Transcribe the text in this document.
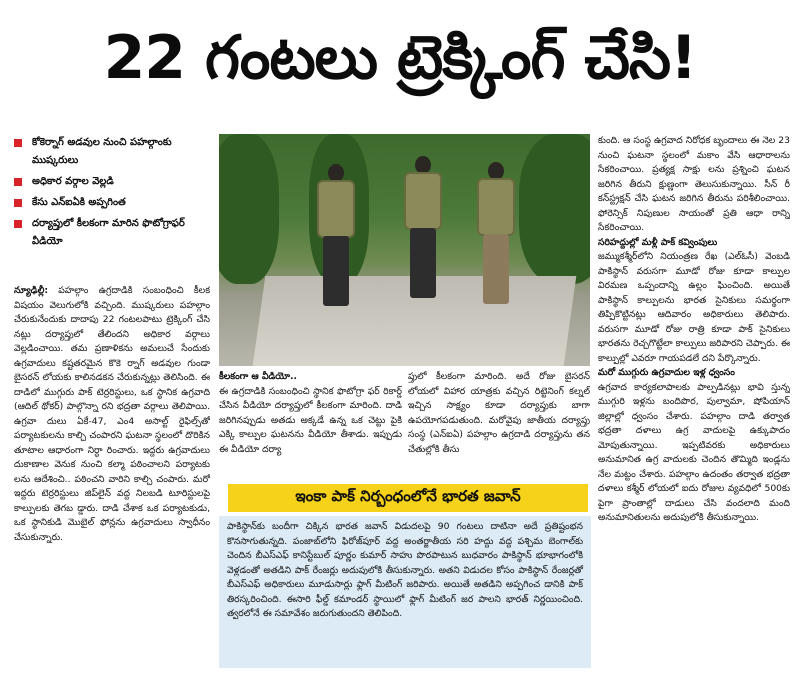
22 గంటలు ట్రెక్కింగ్ చేసి!
కోకెర్నాగ్ అడవుల నుంచి పహల్గాంకు ముష్కరులు
అధికార వర్గాల వెల్లడి
కేసు ఎన్ఐఏకి అప్పగింత
దర్యాప్తులో కీలకంగా మారిన ఫొటోగ్రాఫర్ వీడియో
న్యూఢిల్లీ: పహల్గాం ఉగ్రదాడికి సంబంధించి కీలక విషయం వెలుగులోకి వచ్చింది. ముష్కరులు పహల్గాం చేరుకునేందుకు దాదాపు 22 గంటలపాటు ట్రెక్కింగ్ చేసి నట్లు దర్యాప్తులో తేలిందని అధికార వర్గాలు వెల్లడించాయి. తమ ప్రణాళికను అమలుచే సేందుకు ఉగ్రవాదులు కష్టతరమైన కొకె ర్నాగ్ అడవుల గుండా బైసరన్ లోయకు కాలినడకన చేరుకున్నట్లు తెలిసింది. ఈ దాడిలో ముగ్గురు పాక్ టెర్రరిస్టులు, ఒక స్థానిక ఉగ్రవాది (ఆదిల్ థోకర్) పాల్గొన్నా రని భద్రతా వర్గాలు తెలిపాయి. ఉగ్రవా దులు ఏకే-47, ఎం4 అసాల్ట్ రైఫిల్స్‌తో పర్యాటకులను కాల్చి చంపారని ఘటనా స్థలంలో దొరికిన తూటాల ఆధారంగా నిర్ధా రించారు. ఇద్దరు ఉగ్రవాదులు దుకాణాల వెనుక నుంచి కల్మా పఠించాలని పర్యాటకు లను ఆదేశించి.. పఠించని వారిని కాల్చి చంపారు. మరో ఇద్దరు టెర్రరిస్టులు జిప్‌లైన్ వద్ద నిలబడి టూరిస్టులపై కాల్పులకు తెగబ డ్డారు. దాడి చేశాక ఒక పర్యాటకుడు, ఒక స్థానికుడి మొబైల్ ఫోన్లను ఉగ్రవాదులు స్వాధీనం చేసుకున్నారు.
కీలకంగా ఆ వీడియో..
ఈ ఉగ్రదాడికి సంబంధించి స్థానిక ఫొటోగ్రా ఫర్ రికార్డ్ చేసిన వీడియో దర్యాప్తులో కీలకంగా మారింది. దాడి జరిగినప్పుడు అతడు అక్కడే ఉన్న ఒక చెట్టు పైకి ఎక్కి కాల్పుల ఘటనను వీడియో తీశాడు. ఇప్పుడు ఈ వీడియో దర్యా
ప్తులో కీలకంగా మారింది. అదే రోజు బైసరన్ లోయలో విహార యాత్రకు వచ్చిన రిట్టెనింగ్ కల్నల్ ఇచ్చిన సాక్ష్యం కూడా దర్యాప్తుకు బాగా ఉపయోగపడుతుంది. మరోవైపు జాతీయ దర్యాప్తు సంస్థ (ఎన్ఐఏ) పహల్గాం ఉగ్రదాడి దర్యాప్తును తన చేతుల్లోకి తీసు
ఇంకా పాక్ నిర్బంధంలోనే భారత జవాన్
పాకిస్థాన్‌కు బందీగా చిక్కిన భారత జవాన్ విడుదలపై 90 గంటలు దాటినా అదే ప్రతిష్టంభన కొనసాగుతున్నది. పంజాబ్‌లోని ఫిరోజ్‌పూర్ వద్ద అంతర్జాతీయ సరి హద్దు వద్ద పశ్చిమ బెంగాల్‌కు చెందిన బీఎస్ఎఫ్ కానిస్టేబుల్ పూర్ణం కుమార్ సాహు పొరపాటున బుధవారం పాకిస్థాన్ భూభాగంలోకి వెళ్లడంతో అతడిని పాక్ రేంజర్లు అదుపులోకి తీసుకున్నారు. అతని విడుదల కోసం పాకిస్థాన్ రేంజర్లతో బీఎస్ఎఫ్ అధికారులు మూడుసార్లు ఫ్లాగ్ మీటింగ్ జరిపారు. అయితే అతడిని అప్పగించ డానికి పాక్ తిరస్కరించింది. ఈసారి ఫీల్డ్ కమాండర్ స్థాయిలో ఫ్లాగ్ మీటింగ్ జర పాలని భారత్ నిర్ణయించింది. త్వరలోనే ఈ సమావేశం జరుగుతుందని తెలిపింది.
కుంది. ఆ సంస్థ ఉగ్రవాద నిరోధక బృందాలు ఈ నెల 23 నుంచి ఘటనా స్థలంలో మకాం వేసి ఆధారాలను సేకరించాయి. ప్రత్యక్ష సాక్షు లను ప్రశ్నించి ఘటన జరిగిన తీరుని క్షుణ్ణంగా తెలుసుకున్నాయి. సీన్ రీ కన్‌స్ట్రక్షన్ చేసి ఘటన జరిగిన తీరును పరిశీలించాయి. ఫోరెన్సిక్ నిపుణుల సాయంతో ప్రతి ఆధా రాన్ని సేకరించాయి.
సరిహద్దుల్లో మళ్లీ పాక్ కవ్వింపులు
జమ్ముకశ్మీర్‌లోని నియంత్రణ రేఖ (ఎల్ఓసీ) వెంబడి పాకిస్థాన్ వరుసగా మూడో రోజు కూడా కాల్పుల విరమణ ఒప్పందాన్ని ఉల్లం ఘించింది. అయితే పాకిస్థాన్ కాల్పులను భారత సైనికులు సమర్థంగా తిప్పికొట్టినట్లు ఆదివారం అధికారులు తెలిపారు. వరుసగా మూడో రోజు రాత్రి కూడా పాక్ సైనికులు భారతను రెచ్చగొట్టేలా కాల్పులు జరిపారని చెప్పారు. ఈ కాల్పుల్లో ఎవరూ గాయపడలే దని పేర్కొన్నారు.
మరో ముగ్గురు ఉగ్రవాదుల ఇళ్ల ధ్వంసం
ఉగ్రవాద కార్యకలాపాలకు పాల్పడినట్లు భావి స్తున్న ముగ్గురి ఇళ్లను బందిపొర, పుల్వామా, షోపియాన్ జిల్లాల్లో ధ్వంసం చేశారు. పహల్గాం దాడి తర్వాత భద్రతా దళాలు ఉగ్ర వాదులపై ఉక్కుపాదం మోపుతున్నాయి. ఇప్పటివరకు అధికారులు అనుమానిత ఉగ్ర వాదులకు చెందిన తొమ్మిది ఇండ్లను నేల మట్టం చేశారు. పహల్గాం ఉదంతం తర్వాత భద్రతా దళాలు కశ్మీర్ లోయలో ఐదు రోజుల వ్యవధిలో 500కు పైగా ప్రాంతాల్లో దాడులు చేసి వందలాది మంది అనుమానితులను అదుపులోకి తీసుకున్నాయి.
